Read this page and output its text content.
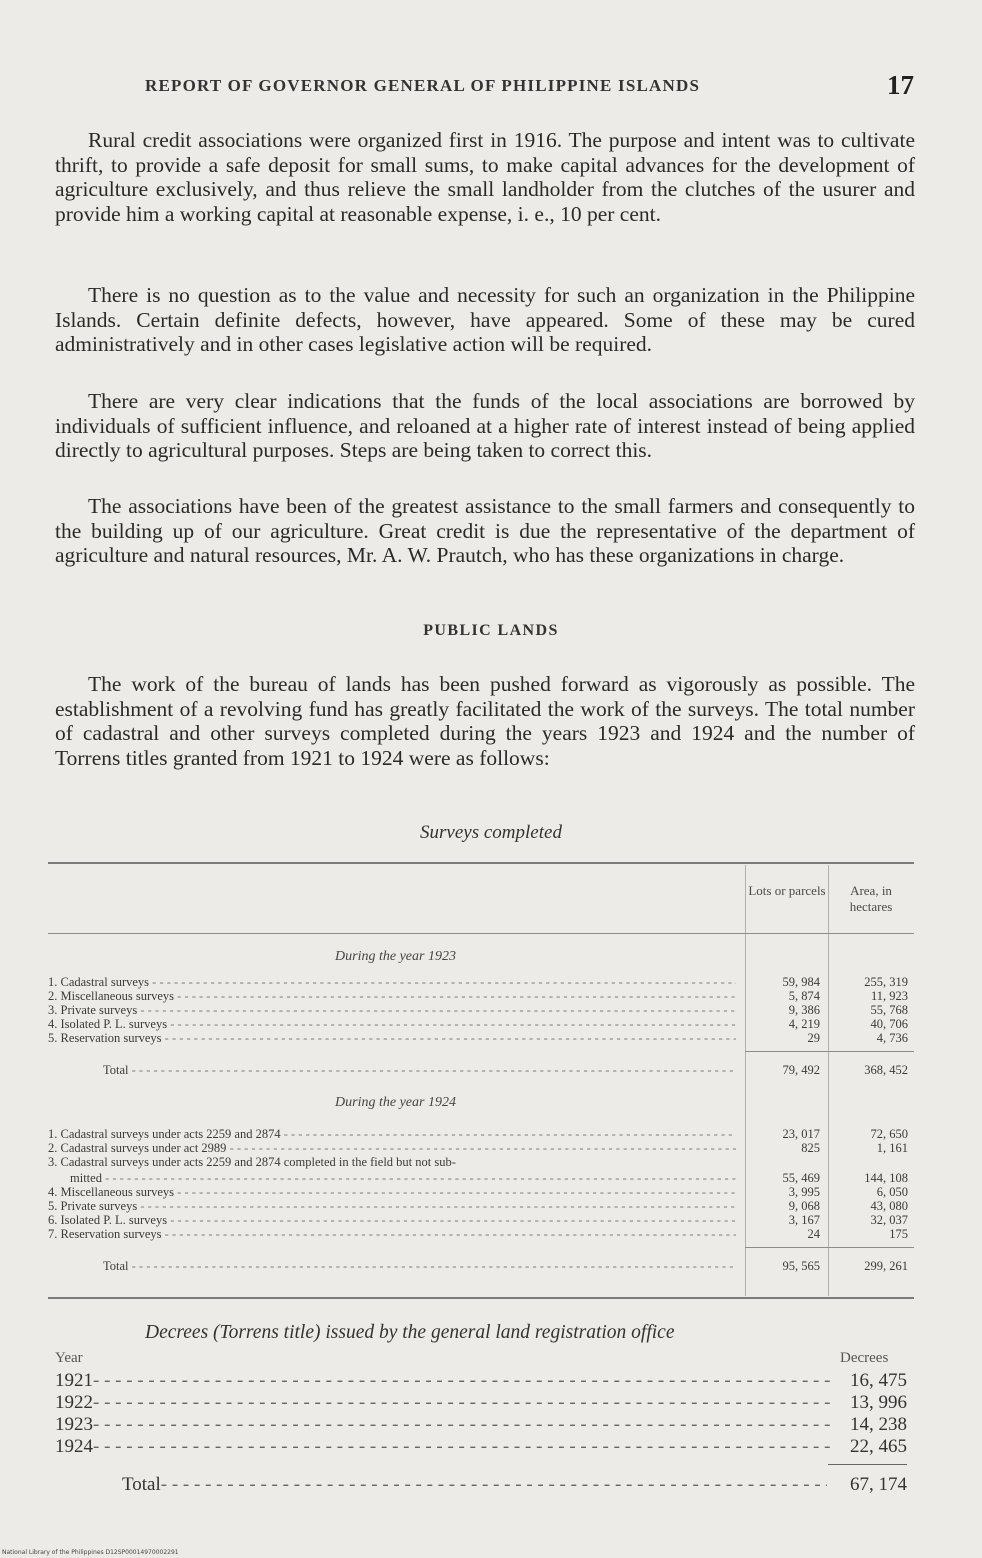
REPORT OF GOVERNOR GENERAL OF PHILIPPINE ISLANDS	17

Rural credit associations were organized first in 1916. The purpose and intent was to cultivate thrift, to provide a safe deposit for small sums, to make capital advances for the development of agriculture exclusively, and thus relieve the small landholder from the clutches of the usurer and provide him a working capital at reasonable expense, i. e., 10 per cent.

There is no question as to the value and necessity for such an organization in the Philippine Islands. Certain definite defects, however, have appeared. Some of these may be cured administratively and in other cases legislative action will be required.

There are very clear indications that the funds of the local associations are borrowed by individuals of sufficient influence, and reloaned at a higher rate of interest instead of being applied directly to agricultural purposes. Steps are being taken to correct this.

The associations have been of the greatest assistance to the small farmers and consequently to the building up of our agriculture. Great credit is due the representative of the department of agriculture and natural resources, Mr. A. W. Prautch, who has these organizations in charge.

PUBLIC LANDS

The work of the bureau of lands has been pushed forward as vigorously as possible. The establishment of a revolving fund has greatly facilitated the work of the surveys. The total number of cadastral and other surveys completed during the years 1923 and 1924 and the number of Torrens titles granted from 1921 to 1924 were as follows:

Surveys completed
Lots or parcels	Area, in hectares
During the year 1923
1. Cadastral surveys - - -	59, 984	255, 319
2. Miscellaneous surveys - - -	5, 874	11, 923
3. Private surveys - - -	9, 386	55, 768
4. Isolated P. L. surveys - - -	4, 219	40, 706
5. Reservation surveys - - -	29	4, 736
Total - - -	79, 492	368, 452
During the year 1924
1. Cadastral surveys under acts 2259 and 2874 - - -	23, 017	72, 650
2. Cadastral surveys under act 2989 - - -	825	1, 161
3. Cadastral surveys under acts 2259 and 2874 completed in the field but not sub-
mitted - - -	55, 469	144, 108
4. Miscellaneous surveys - - -	3, 995	6, 050
5. Private surveys - - -	9, 068	43, 080
6. Isolated P. L. surveys - - -	3, 167	32, 037
7. Reservation surveys - - -	24	175
Total - - -	95, 565	299, 261
Decrees (Torrens title) issued by the general land registration office
Year	Decrees
1921 - - -	16, 475
1922 - - -	13, 996
1923 - - -	14, 238
1924 - - -	22, 465
Total - - -	67, 174
National Library of the Philippines D12SP00014970002291
